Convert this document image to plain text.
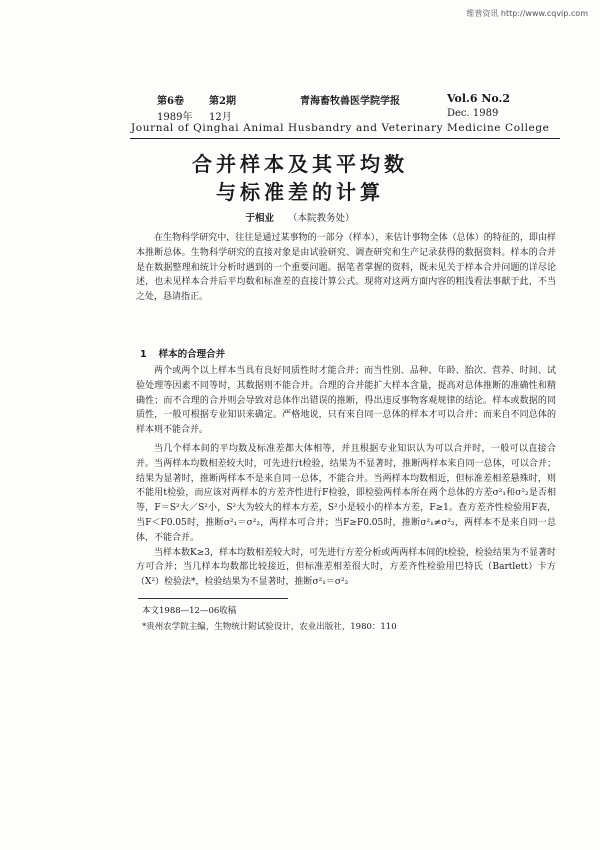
维普资讯 http://www.cqvip.com
第6卷	第2期	青海畜牧兽医学院学报	Vol.6 No.2
1989年 12月	Dec. 1989
Journal of Qinghai Animal Husbandry and Veterinary Medicine College
合并样本及其平均数
与标准差的计算
于相业 （本院教务处）

在生物科学研究中，往往是通过某事物的一部分（样本），来估计事物全体（总体）的特征的，即由样本推断总体。生物科学研究的直接对象是由试验研究、调查研究和生产记录获得的数据资料。样本的合并是在数据整理和统计分析时遇到的一个重要问题。据笔者掌握的资料，既未见关于样本合并问题的详尽论述，也未见样本合并后平均数和标准差的直接计算公式。现将对这两方面内容的粗浅看法事献于此，不当之处，恳请指正。

1 样本的合理合并

两个或两个以上样本当具有良好同质性时才能合并；而当性别、品种、年龄、胎次、营养、时间、试验处理等因素不同等时，其数据则不能合并。合理的合并能扩大样本含量，提高对总体推断的准确性和精确性；而不合理的合并则会导致对总体作出错误的推断，得出违反事物客观规律的结论。样本或数据的同质性，一般可根据专业知识来确定。严格地说，只有来自同一总体的样本才可以合并；而来自不同总体的样本则不能合并。

当几个样本间的平均数及标准差都大体相等，并且根据专业知识认为可以合并时，一般可以直接合并。当两样本均数相差较大时，可先进行t检验，结果为不显著时，推断两样本来自同一总体，可以合并；结果为显著时，推断两样本不是来自同一总体，不能合并。当两样本均数相近，但标准差相差悬殊时，则不能用t检验，而应该对两样本的方差齐性进行F检验，即检验两样本所在两个总体的方差σ²₁和σ²₂是否相等，F＝S²大／S²小，S²大为较大的样本方差，S²小是较小的样本方差，F≥1。查方差齐性检验用F表，当F＜F0.05时，推断σ²₁＝σ²₂，两样本可合并；当F≥F0.05时，推断σ²₁≠σ²₂，两样本不是来自同一总体，不能合并。

当样本数K≥3，样本均数相差较大时，可先进行方差分析或两两样本间的t检验，检验结果为不显著时方可合并；当几样本均数都比较接近，但标准差相差很大时，方差齐性检验用巴特氏（Bartlett）卡方（X²）检验法*，检验结果为不显著时，推断σ²₁＝σ²₂

本文1988—12—06收稿
*贵州农学院主编，生物统计附试验设计，农业出版社，1980：110
